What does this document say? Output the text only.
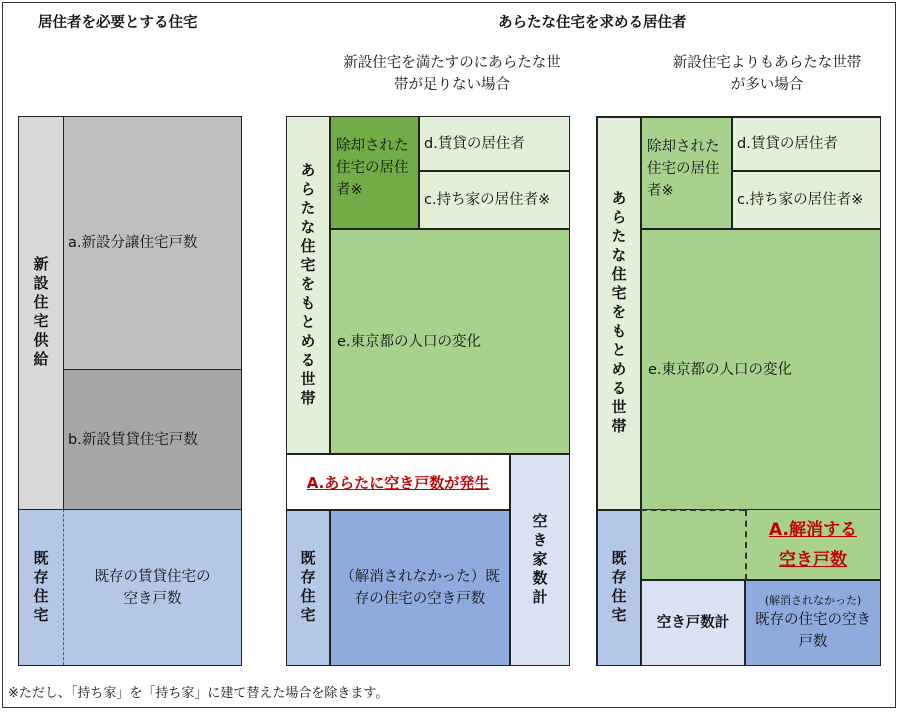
居住者を必要とする住宅	あらたな住宅を求める居住者
新設住宅を満たすのにあらたな世帯が足りない場合
新設住宅よりもあらたな世帯が多い場合
新設住宅供給
a.新設分譲住宅戸数
b.新設賃貸住宅戸数
既存住宅	既存の賃貸住宅の空き戸数
あらたな住宅をもとめる世帯
除却された住宅の居住者※
d.賃貸の居住者
c.持ち家の居住者※
e.東京都の人口の変化
A.あらたに空き戸数が発生
空き家数計
既存住宅 （解消されなかった）既存の住宅の空き戸数
あらたな住宅をもとめる世帯
除却された住宅の居住者※
d.賃貸の居住者
c.持ち家の居住者※
e.東京都の人口の変化
A.解消する
空き戸数
既存住宅 空き戸数計
(解消されなかった)
既存の住宅の空き戸数
※ただし、「持ち家」を「持ち家」に建て替えた場合を除きます。
